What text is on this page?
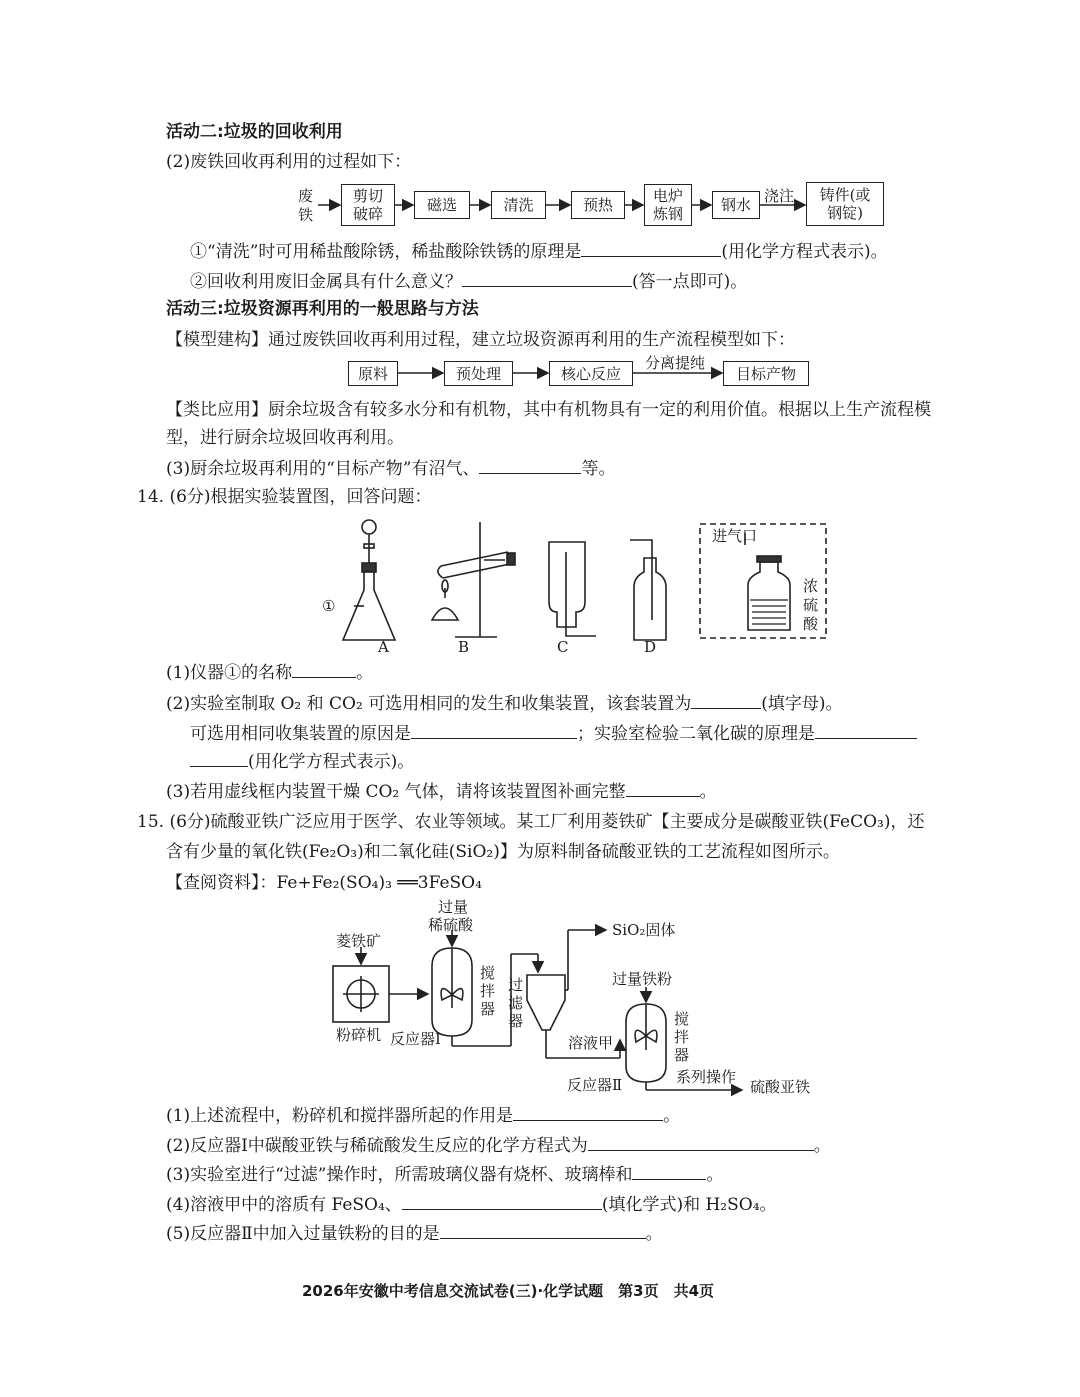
活动二:垃圾的回收利用
(2)废铁回收再利用的过程如下：
废铁
剪切破碎	磁选	清洗	预热	电炉炼钢	钢水 浇注	铸件(或钢锭)
①“清洗”时可用稀盐酸除锈，稀盐酸除铁锈的原理是	(用化学方程式表示)。
②回收利用废旧金属具有什么意义？	(答一点即可)。
活动三:垃圾资源再利用的一般思路与方法
【模型建构】通过废铁回收再利用过程，建立垃圾资源再利用的生产流程模型如下：
原料	预处理	核心反应
分离提纯
目标产物
【类比应用】厨余垃圾含有较多水分和有机物，其中有机物具有一定的利用价值。根据以上生产流程模
型，进行厨余垃圾回收再利用。
(3)厨余垃圾再利用的“目标产物”有沼气、	等。
14. (6分)根据实验装置图，回答问题：
①
A	B	C	D
进气口
浓硫酸
(1)仪器①的名称	。
(2)实验室制取 O₂ 和 CO₂ 可选用相同的发生和收集装置，该套装置为	(填字母)。
可选用相同收集装置的原因是	；实验室检验二氧化碳的原理是
(用化学方程式表示)。
(3)若用虚线框内装置干燥 CO₂ 气体，请将该装置图补画完整	。
15. (6分)硫酸亚铁广泛应用于医学、农业等领域。某工厂利用菱铁矿【主要成分是碳酸亚铁(FeCO₃)，还
含有少量的氧化铁(Fe₂O₃)和二氧化硅(SiO₂)】为原料制备硫酸亚铁的工艺流程如图所示。
【查阅资料】：Fe+Fe₂(SO₄)₃ ══3FeSO₄
菱铁矿
粉碎机
过量
稀硫酸
搅拌器
反应器Ⅰ
过滤器
SiO₂固体
溶液甲
过量铁粉
搅拌器
反应器Ⅱ	系列操作
硫酸亚铁
(1)上述流程中，粉碎机和搅拌器所起的作用是	。
(2)反应器Ⅰ中碳酸亚铁与稀硫酸发生反应的化学方程式为	。
(3)实验室进行“过滤”操作时，所需玻璃仪器有烧杯、玻璃棒和	。
(4)溶液甲中的溶质有 FeSO₄、	(填化学式)和 H₂SO₄。
(5)反应器Ⅱ中加入过量铁粉的目的是	。
2026年安徽中考信息交流试卷(三)·化学试题　第3页　共4页
